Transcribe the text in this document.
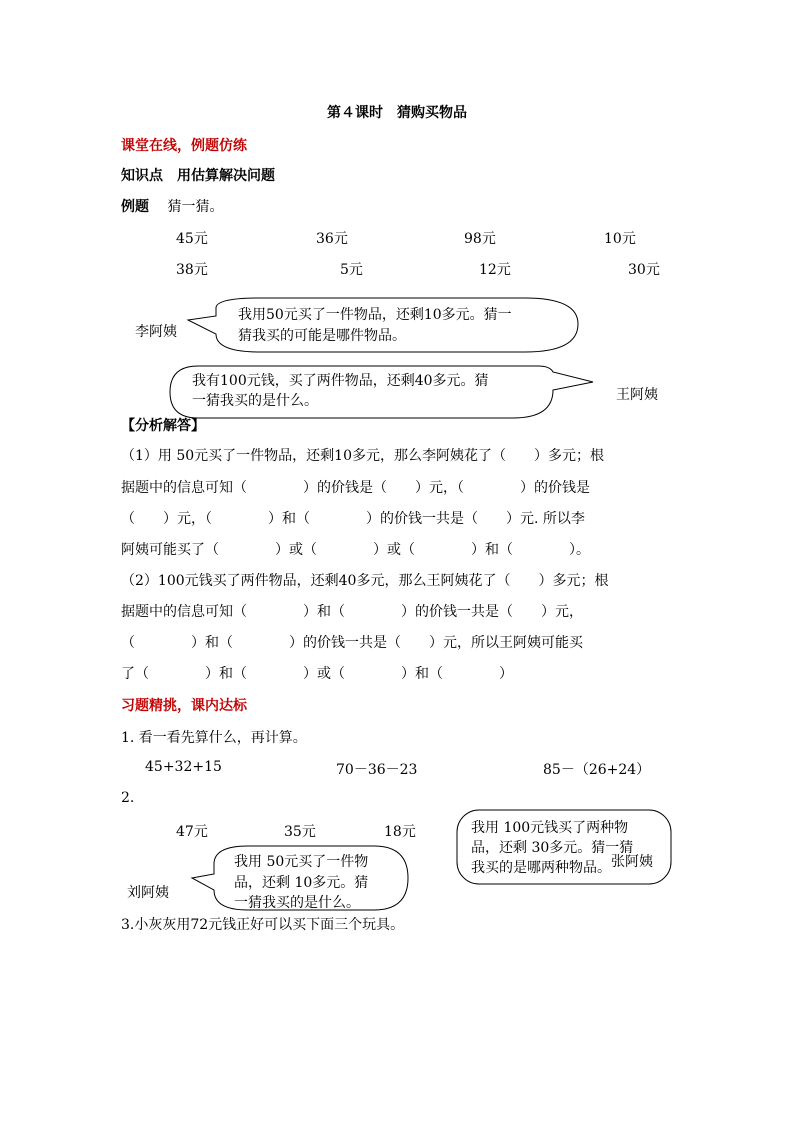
第４课时　猜购买物品
课堂在线，例题仿练
知识点　用估算解决问题
例题 猜一猜。
45元	36元	98元	10元
38元	5元	12元	30元
我用50元买了一件物品，还剩10多元。猜一
猜我买的可能是哪件物品。
李阿姨
我有100元钱，买了两件物品，还剩40多元。猜
一猜我买的是什么。	王阿姨
【分析解答】
（1）用 50元买了一件物品，还剩10多元，那么李阿姨花了（　　）多元；根
据题中的信息可知（　　　　）的价钱是（　　）元，（　　　　）的价钱是
（　　）元，（　　　　）和（　　　　）的价钱一共是（　　）元. 所以李
阿姨可能买了（　　　　）或（　　　　）或（　　　　）和（　　　　）。
（2）100元钱买了两件物品，还剩40多元，那么王阿姨花了（　　）多元；根
据题中的信息可知（　　　　）和（　　　　）的价钱一共是（　　）元，
（　　　　）和（　　　　）的价钱一共是（　　）元，所以王阿姨可能买
了（　　　　）和（　　　　）或（　　　　）和（　　　　）
习题精挑，课内达标
1. 看一看先算什么，再计算。
45+32+15	70－36－23	85－（26+24）
2.
47元	35元	18元	我用 100元钱买了两种物
品，还剩 30多元。猜一猜
我买的是哪两种物品。 张阿姨
我用 50元买了一件物
品，还剩 10多元。猜
一猜我买的是什么。
刘阿姨
3.小灰灰用72元钱正好可以买下面三个玩具。
